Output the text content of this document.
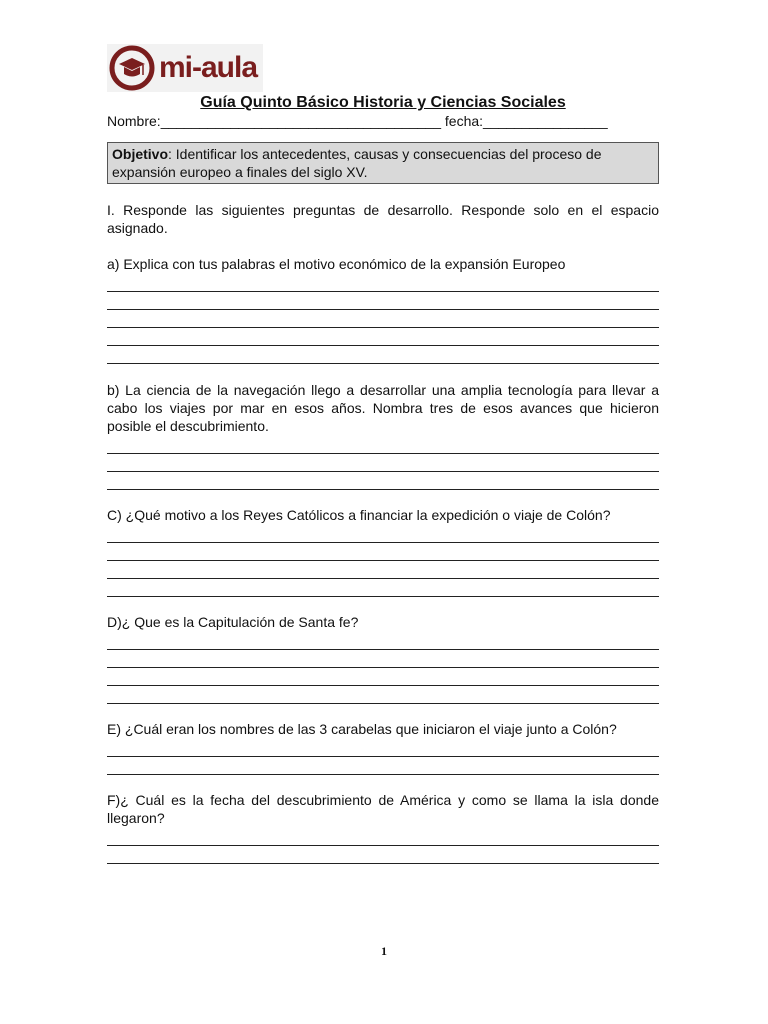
mi-aula
Guía Quinto Básico Historia y Ciencias Sociales
Nombre:____________________________________ fecha:________________
Objetivo: Identificar los antecedentes, causas y consecuencias del proceso de expansión europeo a finales del siglo XV.
I. Responde las siguientes preguntas de desarrollo. Responde solo en el espacio asignado.
a) Explica con tus palabras el motivo económico de la expansión Europeo
b) La ciencia de la navegación llego a desarrollar una amplia tecnología para llevar a cabo los viajes por mar en esos años. Nombra tres de esos avances que hicieron posible el descubrimiento.
C) ¿Qué motivo a los Reyes Católicos a financiar la expedición o viaje de Colón?
D)¿ Que es la Capitulación de Santa fe?
E) ¿Cuál eran los nombres de las 3 carabelas que iniciaron el viaje junto a Colón?
F)¿ Cuál es la fecha del descubrimiento de América y como se llama la isla donde llegaron?
1
